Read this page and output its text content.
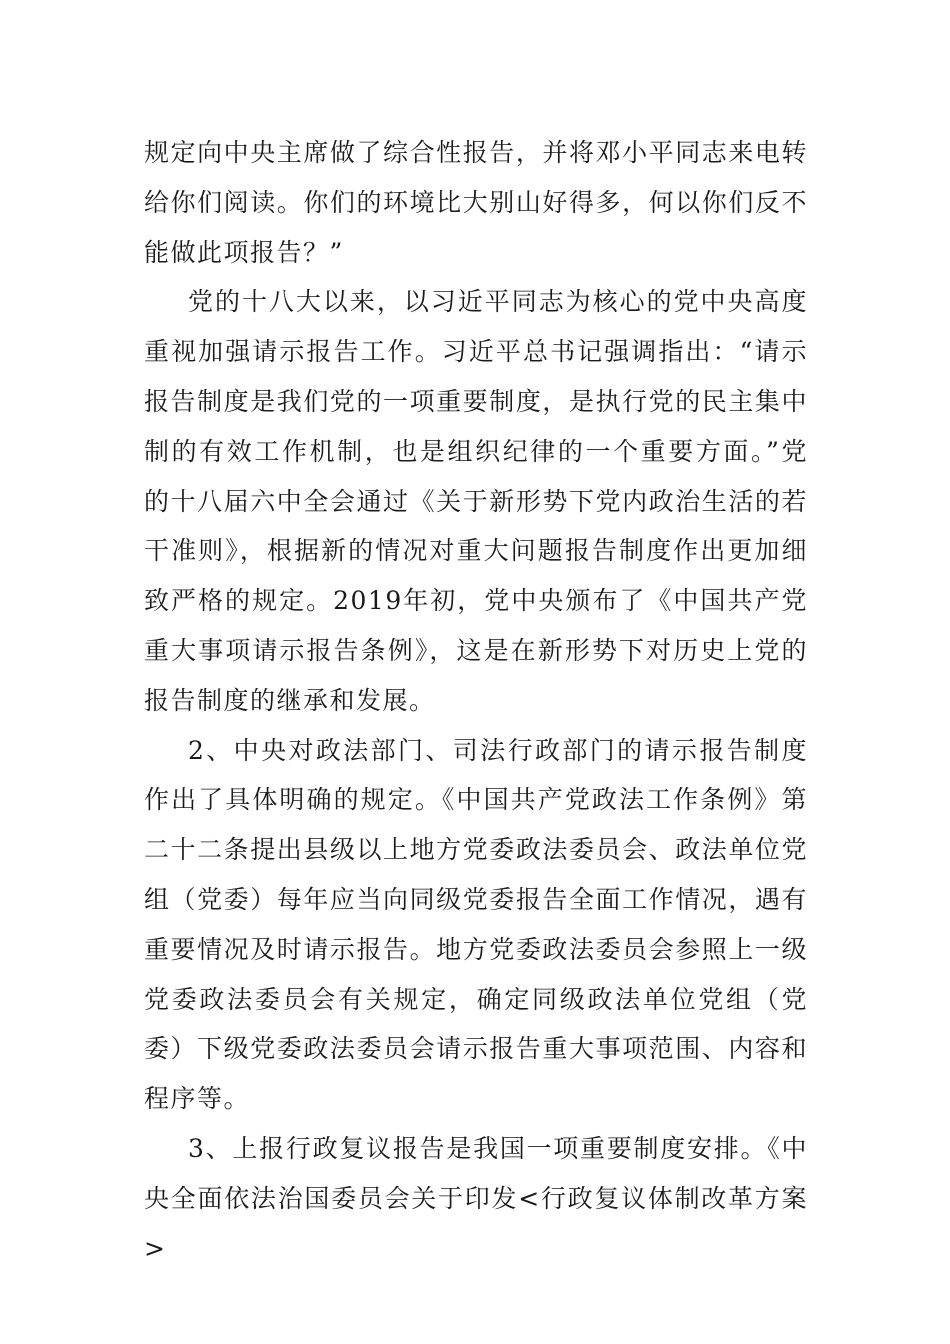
规定向中央主席做了综合性报告，并将邓小平同志来电转给你们阅读。你们的环境比大别山好得多，何以你们反不能做此项报告？”

党的十八大以来，以习近平同志为核心的党中央高度重视加强请示报告工作。习近平总书记强调指出：“请示报告制度是我们党的一项重要制度，是执行党的民主集中制的有效工作机制，也是组织纪律的一个重要方面。”党的十八届六中全会通过《关于新形势下党内政治生活的若干准则》，根据新的情况对重大问题报告制度作出更加细致严格的规定。2019年初，党中央颁布了《中国共产党重大事项请示报告条例》，这是在新形势下对历史上党的报告制度的继承和发展。

2、中央对政法部门、司法行政部门的请示报告制度作出了具体明确的规定。《中国共产党政法工作条例》第二十二条提出县级以上地方党委政法委员会、政法单位党组（党委）每年应当向同级党委报告全面工作情况，遇有重要情况及时请示报告。地方党委政法委员会参照上一级党委政法委员会有关规定，确定同级政法单位党组（党委）下级党委政法委员会请示报告重大事项范围、内容和程序等。

3、上报行政复议报告是我国一项重要制度安排。《中央全面依法治国委员会关于印发<行政复议体制改革方案>
